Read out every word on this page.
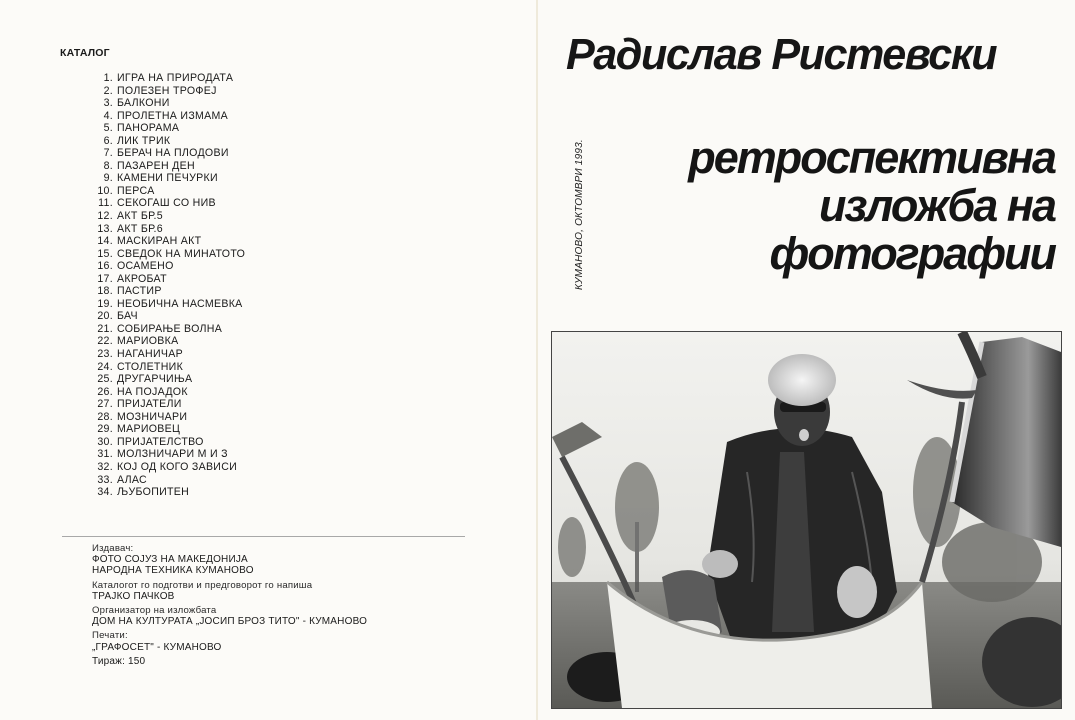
КАТАЛОГ
1. ИГРА НА ПРИРОДАТА
2. ПОЛЕЗЕН ТРОФЕЈ
3. БАЛКОНИ
4. ПРОЛЕТНА ИЗМАМА
5. ПАНОРАМА
6. ЛИК ТРИК
7. БЕРАЧ НА ПЛОДОВИ
8. ПАЗАРЕН ДЕН
9. КАМЕНИ ПЕЧУРКИ
10. ПЕРСА
11. СЕКОГАШ СО НИВ
12. АКТ БР.5
13. АКТ БР.6
14. МАСКИРАН АКТ
15. СВЕДОК НА МИНАТОТО
16. ОСАМЕНО
17. АКРОБАТ
18. ПАСТИР
19. НЕОБИЧНА НАСМЕВКА
20. БАЧ
21. СОБИРАЊЕ ВОЛНА
22. МАРИОВКА
23. НАГАНИЧАР
24. СТОЛЕТНИК
25. ДРУГАРЧИЊА
26. НА ПОЈАДОК
27. ПРИЈАТЕЛИ
28. МОЗНИЧАРИ
29. МАРИОВЕЦ
30. ПРИЈАТЕЛСТВО
31. МОЛЗНИЧАРИ М И З
32. КОЈ ОД КОГО ЗАВИСИ
33. АЛАС
34. ЉУБОПИТЕН
Издавач:
ФОТО СОЈУЗ НА МАКЕДОНИЈА
НАРОДНА ТЕХНИКА КУМАНОВО
Каталогот го подготви и предговорот го напиша
ТРАЈКО ПАЧКОВ
Организатор на изложбата
ДОМ НА КУЛТУРАТА „ЈОСИП БРОЗ ТИТО" - КУМАНОВО
Печати:
„ГРАФОСЕТ" - КУМАНОВО
Тираж: 150
Радислав Ристевски
ретроспективна
изложба на
фотографии
КУМАНОВО, ОКТОМВРИ 1993.
